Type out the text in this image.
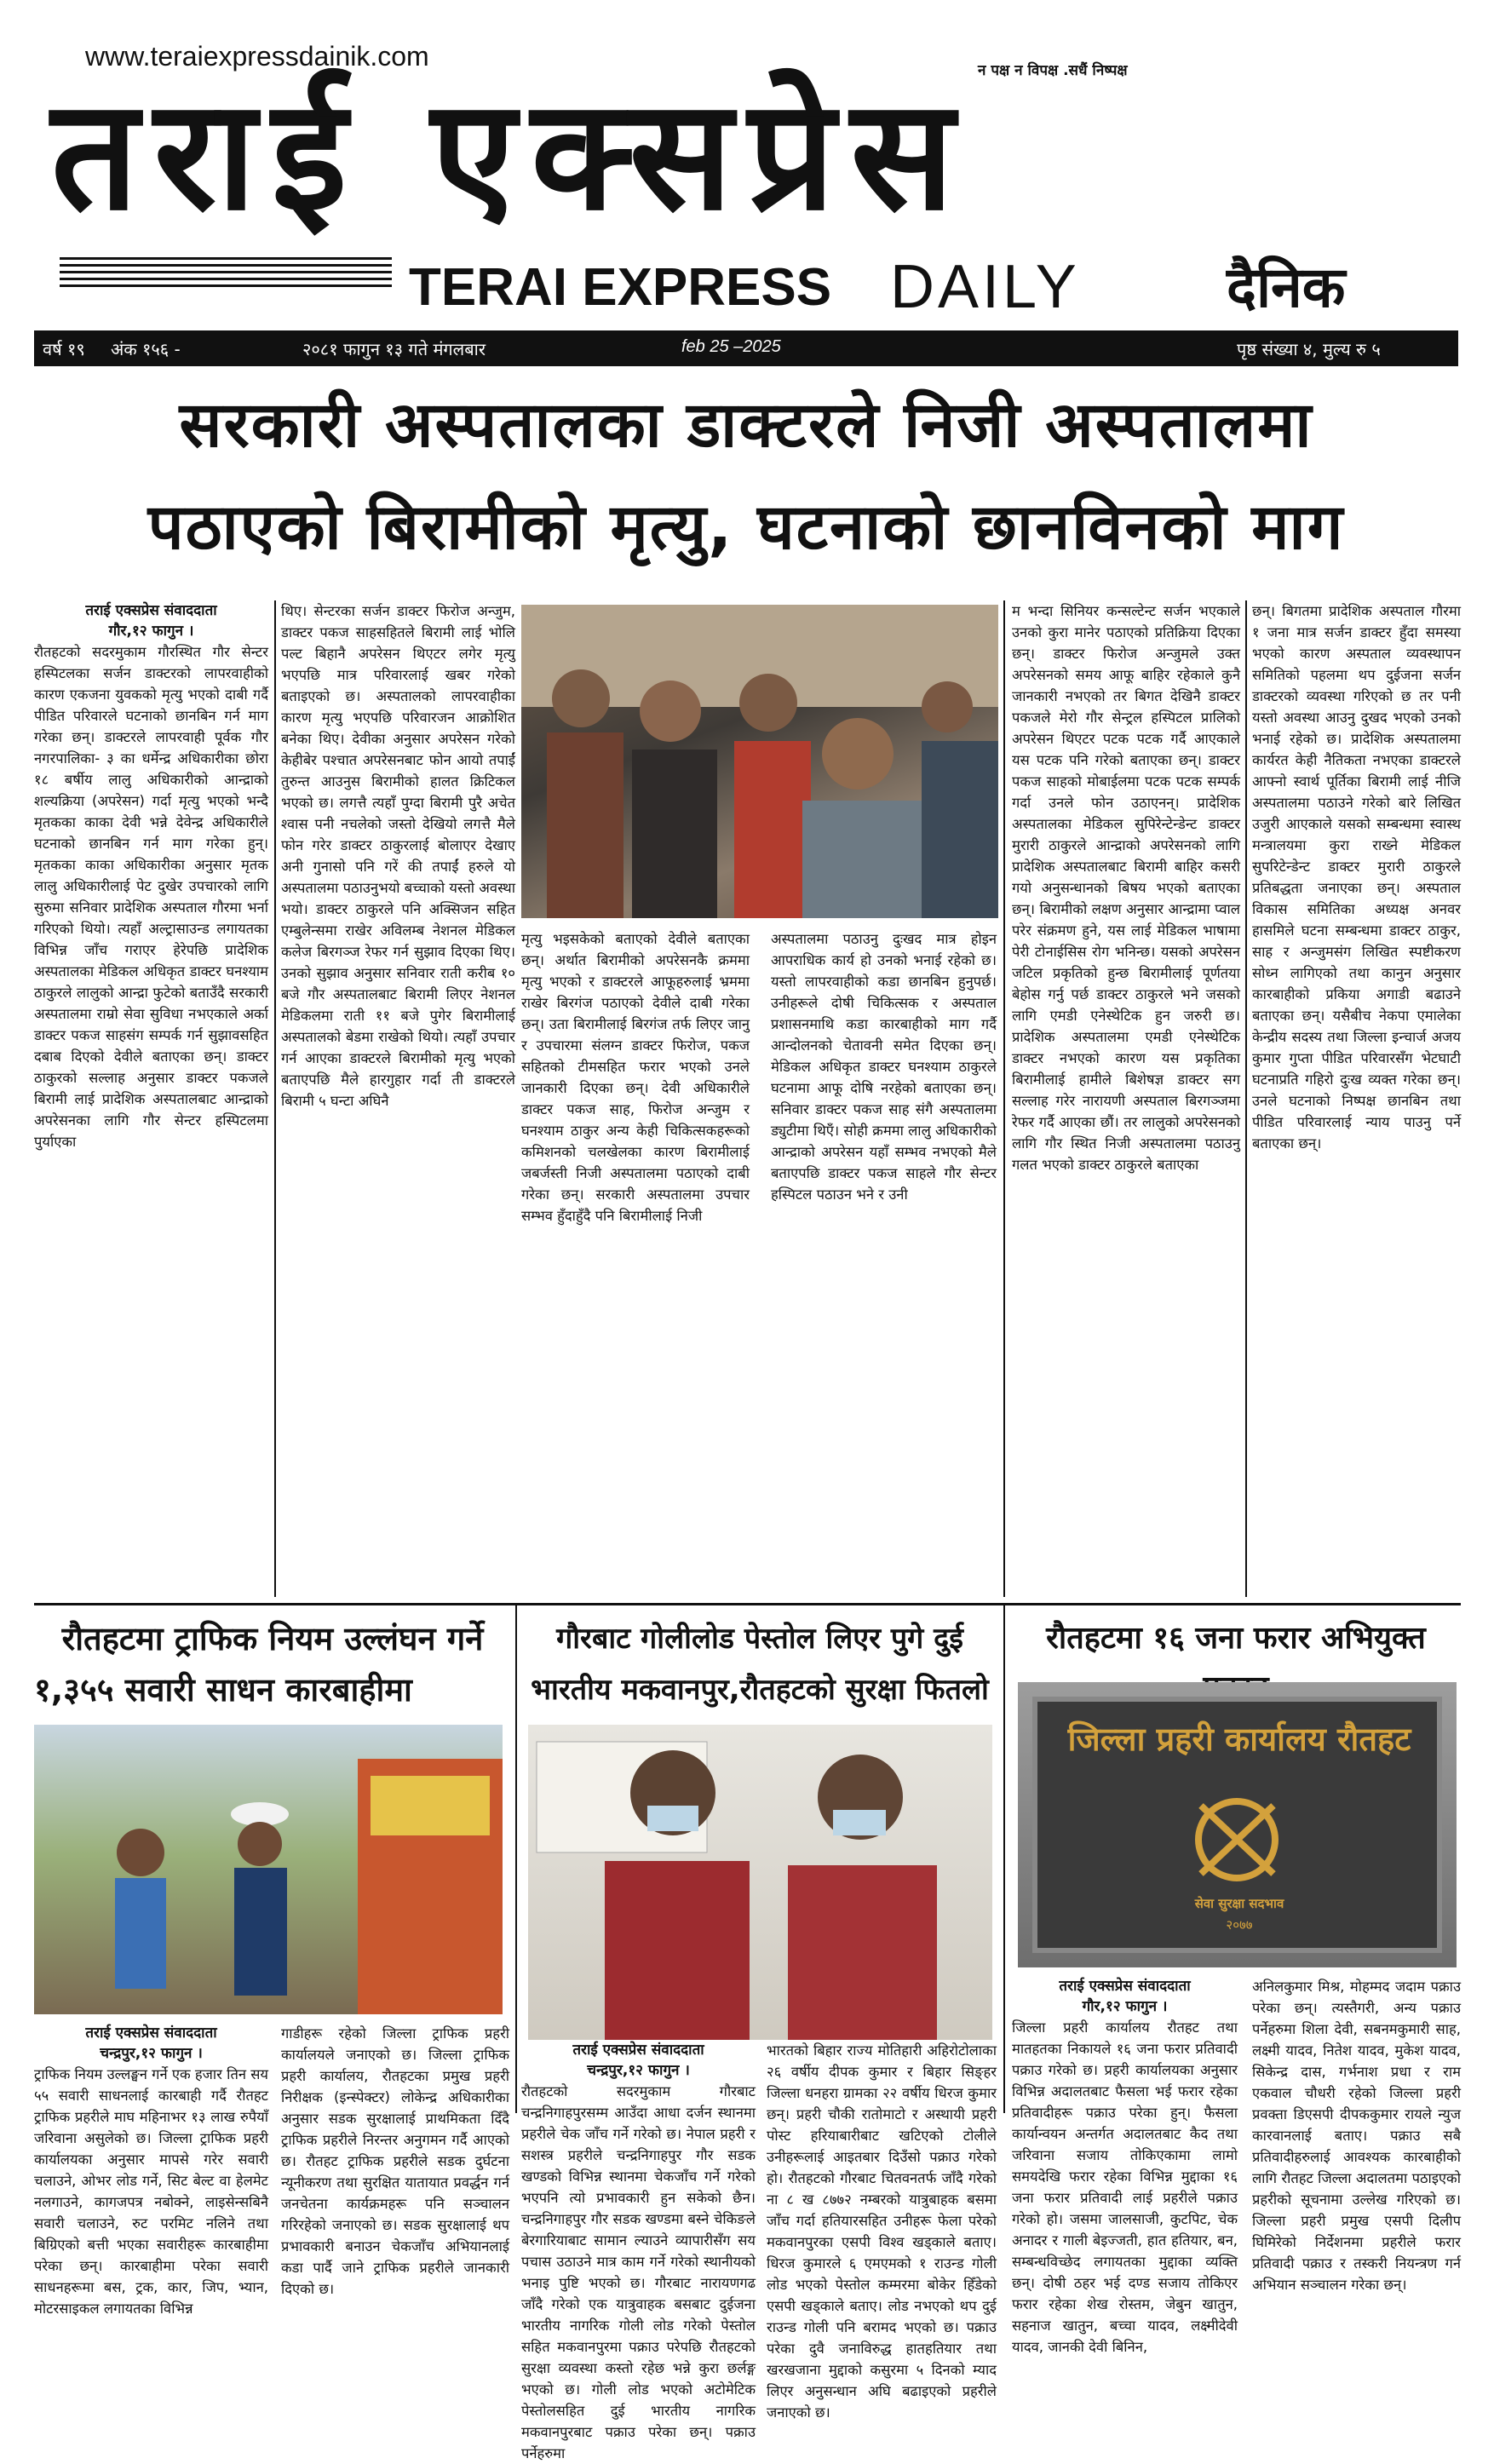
www.teraiexpressdainik.com	न पक्ष न विपक्ष .सधैं निष्पक्ष
तराई एक्सप्रेस
TERAI EXPRESS DAILY	दैनिक
वर्ष १९ अंक १५६ -	२०८१ फागुन १३ गते मंगलबार	feb 25 –2025	पृष्ठ संख्या ४, मुल्य रु ५
सरकारी अस्पतालका डाक्टरले निजी अस्पतालमा
पठाएको बिरामीको मृत्यु, घटनाको छानविनको माग
तराई एक्सप्रेस संवाददाता
गौर,१२ फागुन ।
रौतहटको सदरमुकाम गौरस्थित गौर सेन्टर हस्पिटलका सर्जन डाक्टरको लापरवाहीको कारण एकजना युवकको मृत्यु भएको दाबी गर्दै पीडित परिवारले घटनाको छानबिन गर्न माग गरेका छन्। डाक्टरले लापरवाही पूर्वक गौर नगरपालिका- ३ का धर्मेन्द्र अधिकारीका छोरा १८ बर्षीय लालु अधिकारीको आन्द्राको शल्यक्रिया (अपरेसन) गर्दा मृत्यु भएको भन्दै मृतकका काका देवी भन्ने देवेन्द्र अधिकारीले घटनाको छानबिन गर्न माग गरेका हुन्। मृतकका काका अधिकारीका अनुसार मृतक लालु अधिकारीलाई पेट दुखेर उपचारको लागि सुरुमा सनिवार प्रादेशिक अस्पताल गौरमा भर्ना गरिएको थियो। त्यहाँ अल्ट्रासाउन्ड लगायतका विभिन्न जाँच गराएर हेरेपछि प्रादेशिक अस्पतालका मेडिकल अधिकृत डाक्टर घनश्याम ठाकुरले लालुको आन्द्रा फुटेको बताउँदै सरकारी अस्पतालमा राम्रो सेवा सुविधा नभएकाले अर्का डाक्टर पकज साहसंग सम्पर्क गर्न सुझावसहित दबाब दिएको देवीले बताएका छन्। डाक्टर ठाकुरको सल्लाह अनुसार डाक्टर पकजले बिरामी लाई प्रादेशिक अस्पतालबाट आन्द्राको अपरेसनका लागि गौर सेन्टर हस्पिटलमा पुर्याएका
थिए। सेन्टरका सर्जन डाक्टर फिरोज अन्जुम, डाक्टर पकज साहसहितले बिरामी लाई भोलि पल्ट बिहानै अपरेसन थिएटर लगेर मृत्यु भएपछि मात्र परिवारलाई खबर गरेको बताइएको छ। अस्पतालको लापरवाहीका कारण मृत्यु भएपछि परिवारजन आक्रोशित बनेका थिए। देवीका अनुसार अपरेसन गरेको केहीबेर पश्चात अपरेसनबाट फोन आयो तपाईं तुरुन्त आउनुस बिरामीको हालत क्रिटिकल भएको छ। लगत्तै त्यहाँ पुग्दा बिरामी पुरै अचेत श्वास पनी नचलेको जस्तो देखियो लगत्तै मैले फोन गरेर डाक्टर ठाकुरलाई बोलाएर देखाए अनी गुनासो पनि गरें की तपाईं हरुले यो अस्पतालमा पठाउनुभयो बच्चाको यस्तो अवस्था भयो। डाक्टर ठाकुरले पनि अक्सिजन सहित एम्बुलेन्समा राखेर अविलम्ब नेशनल मेडिकल कलेज बिरगञ्ज रेफर गर्न सुझाव दिएका थिए। उनको सुझाव अनुसार सनिवार राती करीब १० बजे गौर अस्पतालबाट बिरामी लिएर नेशनल मेडिकलमा राती ११ बजे पुगेर बिरामीलाई अस्पतालको बेडमा राखेको थियो। त्यहाँ उपचार गर्न आएका डाक्टरले बिरामीको मृत्यु भएको बताएपछि मैले हारगुहार गर्दा ती डाक्टरले बिरामी ५ घन्टा अघिनै
मृत्यु भइसकेको बताएको देवीले बताएका छन्। अर्थात बिरामीको अपरेसनकै क्रममा मृत्यु भएको र डाक्टरले आफूहरुलाई भ्रममा राखेर बिरगंज पठाएको देवीले दाबी गरेका छन्। उता बिरामीलाई बिरगंज तर्फ लिएर जानु र उपचारमा संलग्न डाक्टर फिरोज, पकज सहितको टीमसहित फरार भएको उनले जानकारी दिएका छन्। देवी अधिकारीले डाक्टर पकज साह, फिरोज अन्जुम र घनश्याम ठाकुर अन्य केही चिकित्सकहरूको कमिशनको चलखेलका कारण बिरामीलाई जबर्जस्ती निजी अस्पतालमा पठाएको दाबी गरेका छन्। सरकारी अस्पतालमा उपचार सम्भव हुँदाहुँदै पनि बिरामीलाई निजी
अस्पतालमा पठाउनु दुःखद मात्र होइन आपराधिक कार्य हो उनको भनाई रहेको छ। यस्तो लापरवाहीको कडा छानबिन हुनुपर्छ। उनीहरूले दोषी चिकित्सक र अस्पताल प्रशासनमाथि कडा कारबाहीको माग गर्दै आन्दोलनको चेतावनी समेत दिएका छन्। मेडिकल अधिकृत डाक्टर घनश्याम ठाकुरले घटनामा आफू दोषि नरहेको बताएका छन्। सनिवार डाक्टर पकज साह संगै अस्पतालमा ड्युटीमा थिएँ। सोही क्रममा लालु अधिकारीको आन्द्राको अपरेसन यहाँ सम्भव नभएको मैले बताएपछि डाक्टर पकज साहले गौर सेन्टर हस्पिटल पठाउन भने र उनी
म भन्दा सिनियर कन्सल्टेन्ट सर्जन भएकाले उनको कुरा मानेर पठाएको प्रतिक्रिया दिएका छन्। डाक्टर फिरोज अन्जुमले उक्त अपरेसनको समय आफू बाहिर रहेकाले कुनै जानकारी नभएको तर बिगत देखिनै डाक्टर पकजले मेरो गौर सेन्ट्रल हस्पिटल प्रालिको अपरेसन थिएटर पटक पटक गर्दै आएकाले यस पटक पनि गरेको बताएका छन्। डाक्टर पकज साहको मोबाईलमा पटक पटक सम्पर्क गर्दा उनले फोन उठाएनन्। प्रादेशिक अस्पतालका मेडिकल सुपिरेन्टेन्डेन्ट डाक्टर मुरारी ठाकुरले आन्द्राको अपरेसनको लागि प्रादेशिक अस्पतालबाट बिरामी बाहिर कसरी गयो अनुसन्धानको बिषय भएको बताएका छन्। बिरामीको लक्षण अनुसार आन्द्रामा प्वाल परेर संक्रमण हुने, यस लाई मेडिकल भाषामा पेरी टोनाईसिस रोग भनिन्छ। यसको अपरेसन जटिल प्रकृतिको हुन्छ बिरामीलाई पूर्णतया बेहोस गर्नु पर्छ डाक्टर ठाकुरले भने जसको लागि एमडी एनेस्थेटिक हुन जरुरी छ। प्रादेशिक अस्पतालमा एमडी एनेस्थेटिक डाक्टर नभएको कारण यस प्रकृतिका बिरामीलाई हामीले बिशेषज्ञ डाक्टर सग सल्लाह गरेर नारायणी अस्पताल बिरगञ्जमा रेफर गर्दै आएका छौं। तर लालुको अपरेसनको लागि गौर स्थित निजी अस्पतालमा पठाउनु गलत भएको डाक्टर ठाकुरले बताएका
छन्। बिगतमा प्रादेशिक अस्पताल गौरमा १ जना मात्र सर्जन डाक्टर हुँदा समस्या भएको कारण अस्पताल व्यवस्थापन समितिको पहलमा थप दुईजना सर्जन डाक्टरको व्यवस्था गरिएको छ तर पनी यस्तो अवस्था आउनु दुखद भएको उनको भनाई रहेको छ। प्रादेशिक अस्पतालमा कार्यरत केही नैतिकता नभएका डाक्टरले आफ्नो स्वार्थ पूर्तिका बिरामी लाई नीजि अस्पतालमा पठाउने गरेको बारे लिखित उजुरी आएकाले यसको सम्बन्धमा स्वास्थ मन्त्रालयमा कुरा राख्ने मेडिकल सुपरिटेन्डेन्ट डाक्टर मुरारी ठाकुरले प्रतिबद्धता जनाएका छन्। अस्पताल विकास समितिका अध्यक्ष अनवर हासमिले घटना सम्बन्धमा डाक्टर ठाकुर, साह र अन्जुमसंग लिखित स्पष्टीकरण सोध्न लागिएको तथा कानुन अनुसार कारबाहीको प्रकिया अगाडी बढाउने बताएका छन्। यसैबीच नेकपा एमालेका केन्द्रीय सदस्य तथा जिल्ला इन्चार्ज अजय कुमार गुप्ता पीडित परिवारसँग भेटघाटी घटनाप्रति गहिरो दुःख व्यक्त गरेका छन्। उनले घटनाको निष्पक्ष छानबिन तथा पीडित परिवारलाई न्याय पाउनु पर्ने बताएका छन्।
रौतहटमा ट्राफिक नियम उल्लंघन गर्ने
१,३५५ सवारी साधन कारबाहीमा
तराई एक्सप्रेस संवाददाता
चन्द्रपुर,१२ फागुन ।
ट्राफिक नियम उल्लङ्घन गर्ने एक हजार तिन सय ५५ सवारी साधनलाई कारबाही गर्दै रौतहट ट्राफिक प्रहरीले माघ महिनाभर १३ लाख रुपैयाँ जरिवाना असुलेको छ। जिल्ला ट्राफिक प्रहरी कार्यालयका अनुसार मापसे गरेर सवारी चलाउने, ओभर लोड गर्ने, सिट बेल्ट वा हेलमेट नलगाउने, कागजपत्र नबोक्ने, लाइसेन्सबिनै सवारी चलाउने, रुट परमिट नलिने तथा बिग्रिएको बत्ती भएका सवारीहरू कारबाहीमा परेका छन्। कारबाहीमा परेका सवारी साधनहरूमा बस, ट्रक, कार, जिप, भ्यान, मोटरसाइकल लगायतका विभिन्न
गाडीहरू रहेको जिल्ला ट्राफिक प्रहरी कार्यालयले जनाएको छ। जिल्ला ट्राफिक प्रहरी कार्यालय, रौतहटका प्रमुख प्रहरी निरीक्षक (इन्स्पेक्टर) लोकेन्द्र अधिकारीका अनुसार सडक सुरक्षालाई प्राथमिकता दिँदै ट्राफिक प्रहरीले निरन्तर अनुगमन गर्दै आएको छ। रौतहट ट्राफिक प्रहरीले सडक दुर्घटना न्यूनीकरण तथा सुरक्षित यातायात प्रवर्द्धन गर्न जनचेतना कार्यक्रमहरू पनि सञ्चालन गरिरहेको जनाएको छ। सडक सुरक्षालाई थप प्रभावकारी बनाउन चेकजाँच अभियानलाई कडा पार्दै जाने ट्राफिक प्रहरीले जानकारी दिएको छ।
गौरबाट गोलीलोड पेस्तोल लिएर पुगे दुई
भारतीय मकवानपुर,रौतहटको सुरक्षा फितलो
तराई एक्सप्रेस संवाददाता
चन्द्रपुर,१२ फागुन ।
रौतहटको सदरमुकाम गौरबाट चन्द्रनिगाहपुरसम्म आउँदा आधा दर्जन स्थानमा प्रहरीले चेक जाँच गर्ने गरेको छ। नेपाल प्रहरी र सशस्त्र प्रहरीले चन्द्रनिगाहपुर गौर सडक खण्डको विभिन्न स्थानमा चेकजाँच गर्ने गरेको भएपनि त्यो प्रभावकारी हुन सकेको छैन। चन्द्रनिगाहपुर गौर सडक खण्डमा बस्ने चेकिङले बेरगारियाबाट सामान ल्याउने व्यापारीसँग सय पचास उठाउने मात्र काम गर्ने गरेको स्थानीयको भनाइ पुष्टि भएको छ। गौरबाट नारायणगढ जाँदै गरेको एक यात्रुवाहक बसबाट दुईजना भारतीय नागरिक गोली लोड गरेको पेस्तोल सहित मकवानपुरमा पक्राउ परेपछि रौतहटको सुरक्षा व्यवस्था कस्तो रहेछ भन्ने कुरा छर्लङ्ग भएको छ। गोली लोड भएको अटोमेटिक पेस्तोलसहित दुई भारतीय नागरिक मकवानपुरबाट पक्राउ परेका छन्। पक्राउ पर्नेहरुमा
भारतको बिहार राज्य मोतिहारी अहिरोटोलाका २६ वर्षीय दीपक कुमार र बिहार सिङ्हर जिल्ला धनहरा ग्रामका २२ वर्षीय धिरज कुमार छन्। प्रहरी चौकी रातोमाटो र अस्थायी प्रहरी पोस्ट हरियाबारीबाट खटिएको टोलीले उनीहरूलाई आइतबार दिउँसो पक्राउ गरेको हो। रौतहटको गौरबाट चितवनतर्फ जाँदै गरेको ना ८ ख ८७७२ नम्बरको यात्रुबाहक बसमा जाँच गर्दा हतियारसहित उनीहरू फेला परेको मकवानपुरका एसपी विश्व खड्काले बताए। धिरज कुमारले ६ एमएमको १ राउन्ड गोली लोड भएको पेस्तोल कम्मरमा बोकेर हिँडेको एसपी खड्काले बताए। लोड नभएको थप दुई राउन्ड गोली पनि बरामद भएको छ। पक्राउ परेका दुवै जनाविरुद्ध हातहतियार तथा खरखजाना मुद्दाको कसुरमा ५ दिनको म्याद लिएर अनुसन्धान अघि बढाइएको प्रहरीले जनाएको छ।
रौतहटमा १६ जना फरार अभियुक्त
जिल्ला प्रहरी कार्यालय रौतहट
सेवा सुरक्षा सदभाव
२०७७
तराई एक्सप्रेस संवाददाता
गौर,१२ फागुन ।
जिल्ला प्रहरी कार्यालय रौतहट तथा मातहतका निकायले १६ जना फरार प्रतिवादी पक्राउ गरेको छ। प्रहरी कार्यालयका अनुसार विभिन्न अदालतबाट फैसला भई फरार रहेका प्रतिवादीहरू पक्राउ परेका हुन्। फैसला कार्यान्वयन अन्तर्गत अदालतबाट कैद तथा जरिवाना सजाय तोकिएकामा लामो समयदेखि फरार रहेका विभिन्न मुद्दाका १६ जना फरार प्रतिवादी लाई प्रहरीले पक्राउ गरेको हो। जसमा जालसाजी, कुटपिट, चेक अनादर र गाली बेइज्जती, हात हतियार, बन, सम्बन्धविच्छेद लगायतका मुद्दाका व्यक्ति छन्। दोषी ठहर भई दण्ड सजाय तोकिएर फरार रहेका शेख रोस्तम, जेबुन खातुन, सहनाज खातुन, बच्चा यादव, लक्ष्मीदेवी यादव, जानकी देवी बिनिन,
अनिलकुमार मिश्र, मोहम्मद जदाम पक्राउ परेका छन्। त्यस्तैगरी, अन्य पक्राउ पर्नेहरुमा शिला देवी, सबनमकुमारी साह, लक्ष्मी यादव, नितेश यादव, मुकेश यादव, सिकेन्द्र दास, गर्भनाश प्रधा र राम एकवाल चौधरी रहेको जिल्ला प्रहरी प्रवक्ता डिएसपी दीपककुमार रायले न्युज कारवानलाई बताए। पक्राउ सबै प्रतिवादीहरुलाई आवश्यक कारबाहीको लागि रौतहट जिल्ला अदालतमा पठाइएको प्रहरीको सूचनामा उल्लेख गरिएको छ। जिल्ला प्रहरी प्रमुख एसपी दिलीप घिमिरेको निर्देशनमा प्रहरीले फरार प्रतिवादी पक्राउ र तस्करी नियन्त्रण गर्न अभियान सञ्चालन गरेका छन्।
